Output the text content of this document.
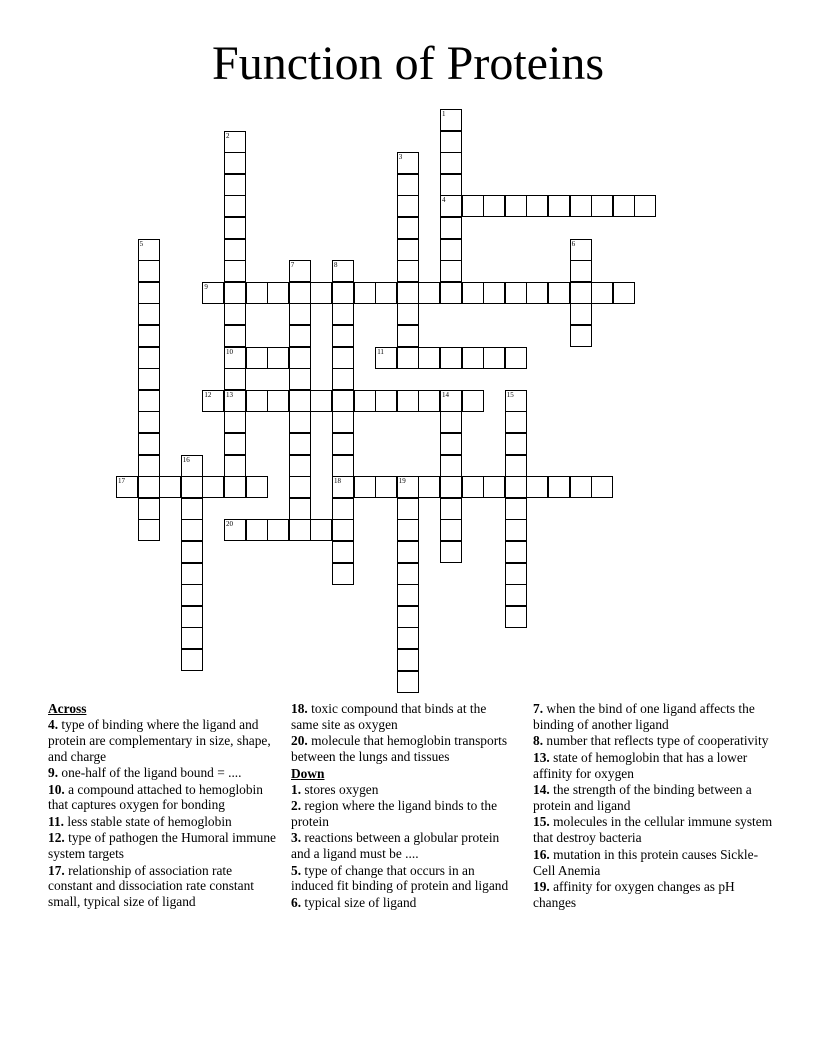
Function of Proteins
1
4
2
10
13
3
5	6
7	8
18
9
11
12	14	15
16
17	19
20
Across
4. type of binding where the ligand and protein are complementary in size, shape, and charge
9. one-half of the ligand bound = ....
10. a compound attached to hemoglobin that captures oxygen for bonding
11. less stable state of hemoglobin
12. type of pathogen the Humoral immune system targets
17. relationship of association rate constant and dissociation rate constant small, typical size of ligand
18. toxic compound that binds at the same site as oxygen
20. molecule that hemoglobin transports between the lungs and tissues
Down
1. stores oxygen
2. region where the ligand binds to the protein
3. reactions between a globular protein and a ligand must be ....
5. type of change that occurs in an induced fit binding of protein and ligand
6. typical size of ligand
7. when the bind of one ligand affects the binding of another ligand
8. number that reflects type of cooperativity
13. state of hemoglobin that has a lower affinity for oxygen
14. the strength of the binding between a protein and ligand
15. molecules in the cellular immune system that destroy bacteria
16. mutation in this protein causes Sickle-Cell Anemia
19. affinity for oxygen changes as pH changes
